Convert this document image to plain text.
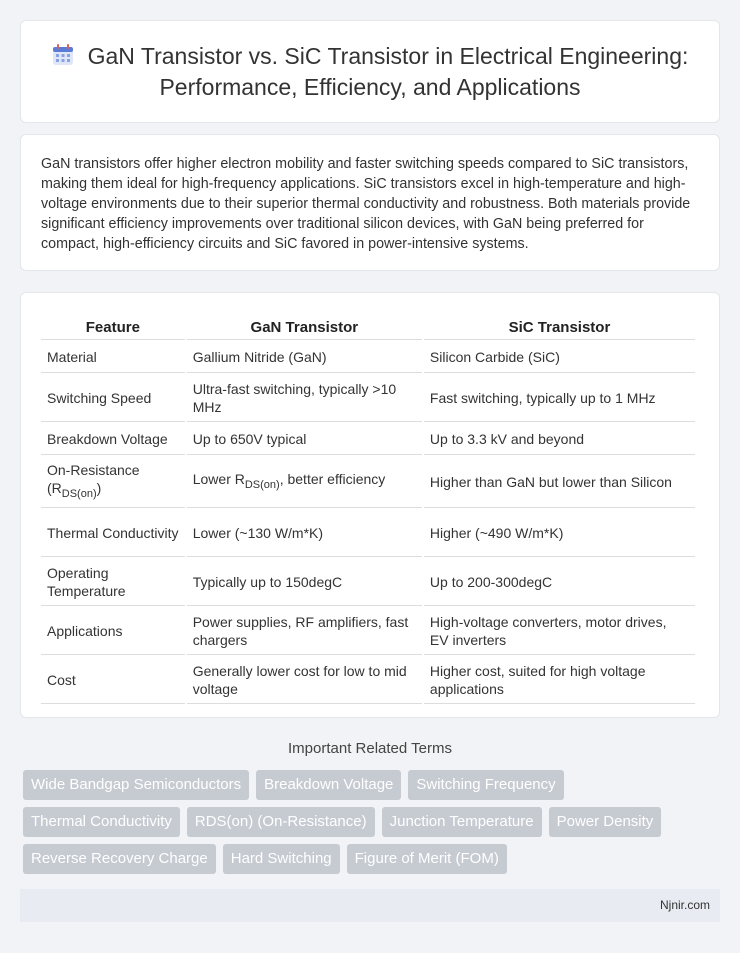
GaN Transistor vs. SiC Transistor in Electrical Engineering: Performance, Efficiency, and Applications

GaN transistors offer higher electron mobility and faster switching speeds compared to SiC transistors, making them ideal for high-frequency applications. SiC transistors excel in high-temperature and high-voltage environments due to their superior thermal conductivity and robustness. Both materials provide significant efficiency improvements over traditional silicon devices, with GaN being preferred for compact, high-efficiency circuits and SiC favored in power-intensive systems.

Feature	GaN Transistor	SiC Transistor
Material	Gallium Nitride (GaN)	Silicon Carbide (SiC)
Switching Speed	Ultra-fast switching, typically >10 MHz	Fast switching, typically up to 1 MHz
Breakdown Voltage	Up to 650V typical	Up to 3.3 kV and beyond
On-Resistance $(R_{DS(on)})$	Lower $R_{DS(on)}$, better efficiency	Higher than GaN but lower than Silicon
Thermal Conductivity	Lower (~130 W/m*K)	Higher (~490 W/m*K)
Operating Temperature	Typically up to 150degC	Up to 200-300degC
Applications	Power supplies, RF amplifiers, fast chargers	High-voltage converters, motor drives, EV inverters
Cost	Generally lower cost for low to mid voltage	Higher cost, suited for high voltage applications
Important Related Terms
Wide Bandgap Semiconductors	Breakdown Voltage	Switching Frequency
Thermal Conductivity	RDS(on) (On-Resistance)	Junction Temperature	Power Density
Reverse Recovery Charge	Hard Switching	Figure of Merit (FOM)
Njnir.com
